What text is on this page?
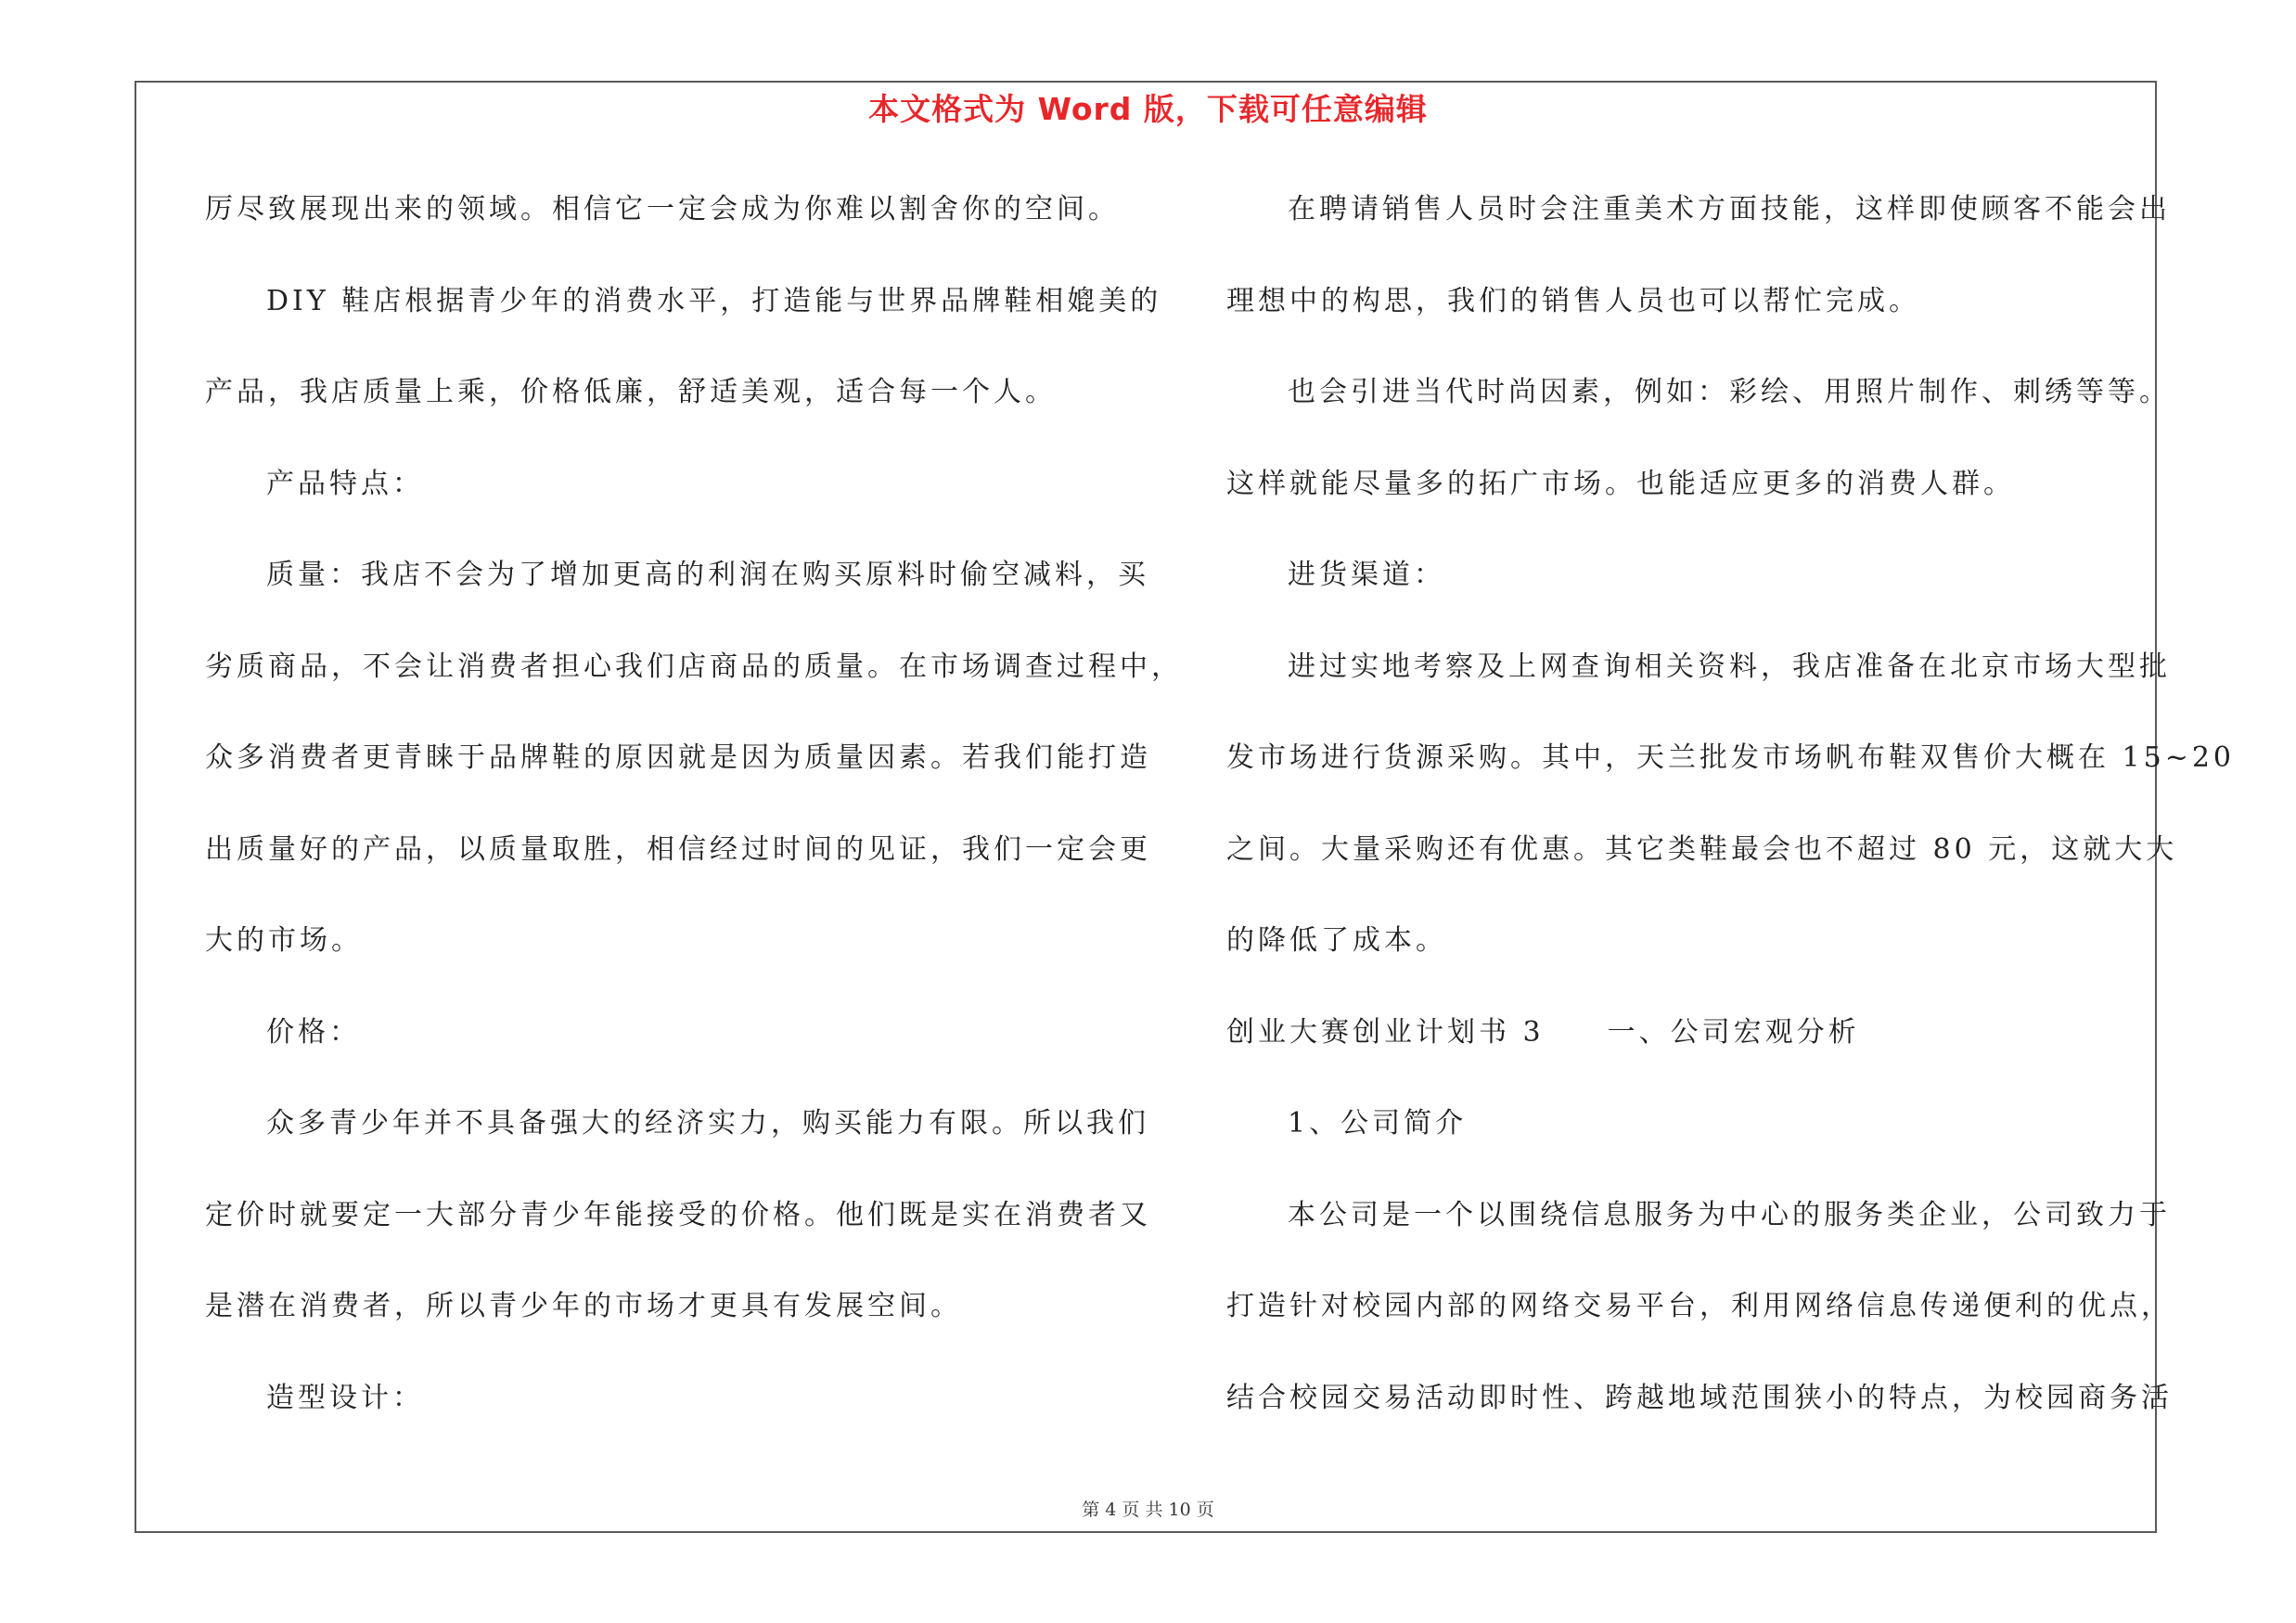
本文格式为 Word 版，下载可任意编辑
厉尽致展现出来的领域。相信它一定会成为你难以割舍你的空间。
DIY 鞋店根据青少年的消费水平，打造能与世界品牌鞋相媲美的
产品，我店质量上乘，价格低廉，舒适美观，适合每一个人。
产品特点：
质量：我店不会为了增加更高的利润在购买原料时偷空减料，买
劣质商品，不会让消费者担心我们店商品的质量。在市场调查过程中，
众多消费者更青睐于品牌鞋的原因就是因为质量因素。若我们能打造
出质量好的产品，以质量取胜，相信经过时间的见证，我们一定会更
大的市场。
价格：
众多青少年并不具备强大的经济实力，购买能力有限。所以我们
定价时就要定一大部分青少年能接受的价格。他们既是实在消费者又
是潜在消费者，所以青少年的市场才更具有发展空间。
造型设计：
在聘请销售人员时会注重美术方面技能，这样即使顾客不能会出
理想中的构思，我们的销售人员也可以帮忙完成。
也会引进当代时尚因素，例如：彩绘、用照片制作、刺绣等等。
这样就能尽量多的拓广市场。也能适应更多的消费人群。
进货渠道：
进过实地考察及上网查询相关资料，我店准备在北京市场大型批
发市场进行货源采购。其中，天兰批发市场帆布鞋双售价大概在 15~20
之间。大量采购还有优惠。其它类鞋最会也不超过 80 元，这就大大
的降低了成本。
创业大赛创业计划书 3　　一、公司宏观分析
1、公司简介
本公司是一个以围绕信息服务为中心的服务类企业，公司致力于
打造针对校园内部的网络交易平台，利用网络信息传递便利的优点，
结合校园交易活动即时性、跨越地域范围狭小的特点，为校园商务活
第 4 页 共 10 页
